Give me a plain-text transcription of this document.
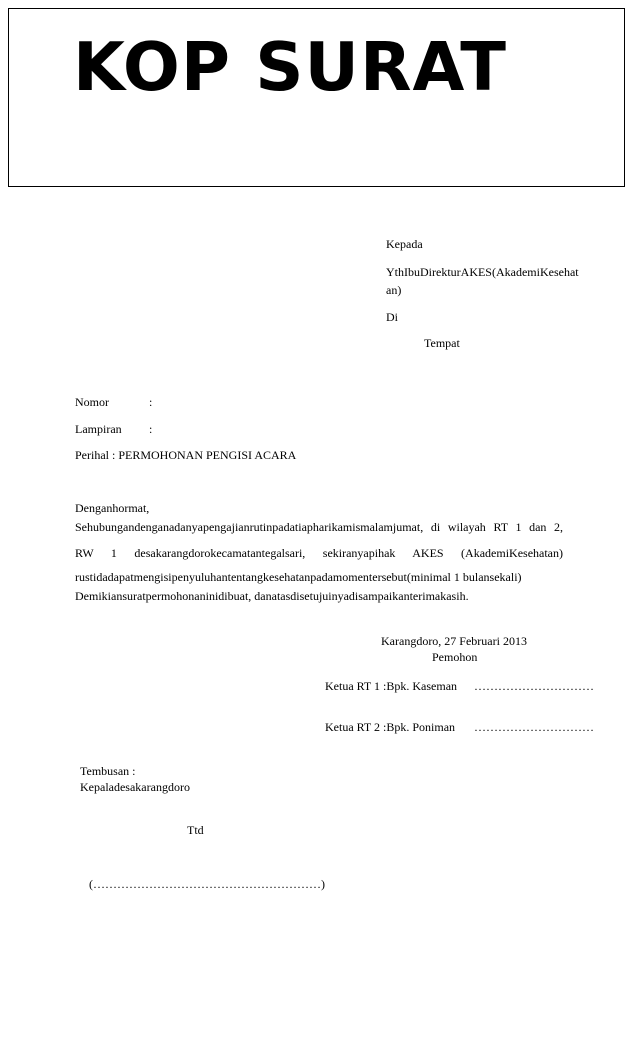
KOP SURAT
Kepada
YthIbuDirekturAKES(AkademiKesehat
an)
Di
Tempat
Nomor	:
Lampiran :
Perihal : PERMOHONAN PENGISI ACARA
Denganhormat,
Sehubungandenganadanyapengajianrutinpadatiapharikamismalamjumat, di wilayah RT 1 dan 2,
RW 1 desakarangdorokecamatantegalsari, sekiranyapihak AKES (AkademiKesehatan)
rustidadapatmengisipenyuluhantentangkesehatanpadamomentersebut(minimal 1 bulansekali)
Demikiansuratpermohonaninidibuat, danatasdisetujuinyadisampaikanterimakasih.
Karangdoro, 27 Februari 2013
Pemohon
Ketua RT 1 :Bpk. Kaseman …………………………
Ketua RT 2 :Bpk. Poniman …………………………
Tembusan :
Kepaladesakarangdoro
Ttd
(…………………………………………………)
